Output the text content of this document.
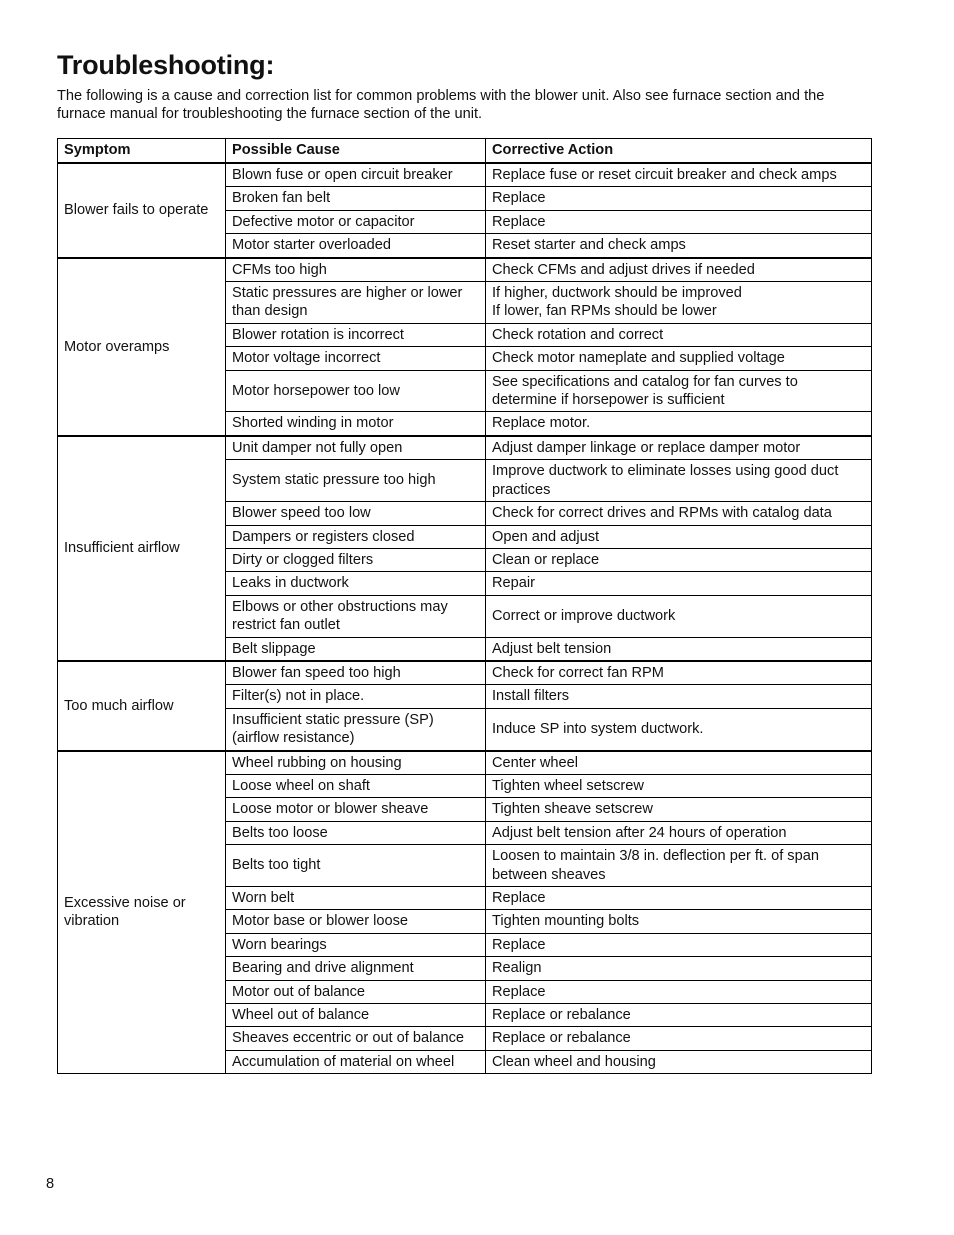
Troubleshooting:

The following is a cause and correction list for common problems with the blower unit. Also see furnace section and the furnace manual for troubleshooting the furnace section of the unit.

Symptom	Possible Cause	Corrective Action
Blower fails to operate	Blown fuse or open circuit breaker	Replace fuse or reset circuit breaker and check amps
	Broken fan belt	Replace
	Defective motor or capacitor	Replace
	Motor starter overloaded	Reset starter and check amps
Motor overamps	CFMs too high	Check CFMs and adjust drives if needed
	Static pressures are higher or lower than design	If higher, ductwork should be improved
If lower, fan RPMs should be lower
	Blower rotation is incorrect	Check rotation and correct
	Motor voltage incorrect	Check motor nameplate and supplied voltage
	Motor horsepower too low	See specifications and catalog for fan curves to determine if horsepower is sufficient
	Shorted winding in motor	Replace motor.
Insufficient airflow	Unit damper not fully open	Adjust damper linkage or replace damper motor
	System static pressure too high	Improve ductwork to eliminate losses using good duct practices
	Blower speed too low	Check for correct drives and RPMs with catalog data
	Dampers or registers closed	Open and adjust
	Dirty or clogged filters	Clean or replace
	Leaks in ductwork	Repair
	Elbows or other obstructions may restrict fan outlet	Correct or improve ductwork
	Belt slippage	Adjust belt tension
Too much airflow	Blower fan speed too high	Check for correct fan RPM
	Filter(s) not in place.	Install filters
	Insufficient static pressure (SP) (airflow resistance)	Induce SP into system ductwork.
Excessive noise or vibration	Wheel rubbing on housing	Center wheel
	Loose wheel on shaft	Tighten wheel setscrew
	Loose motor or blower sheave	Tighten sheave setscrew
	Belts too loose	Adjust belt tension after 24 hours of operation
	Belts too tight	Loosen to maintain 3/8 in. deflection per ft. of span between sheaves
	Worn belt	Replace
	Motor base or blower loose	Tighten mounting bolts
	Worn bearings	Replace
	Bearing and drive alignment	Realign
	Motor out of balance	Replace
	Wheel out of balance	Replace or rebalance
	Sheaves eccentric or out of balance	Replace or rebalance
	Accumulation of material on wheel	Clean wheel and housing
8
